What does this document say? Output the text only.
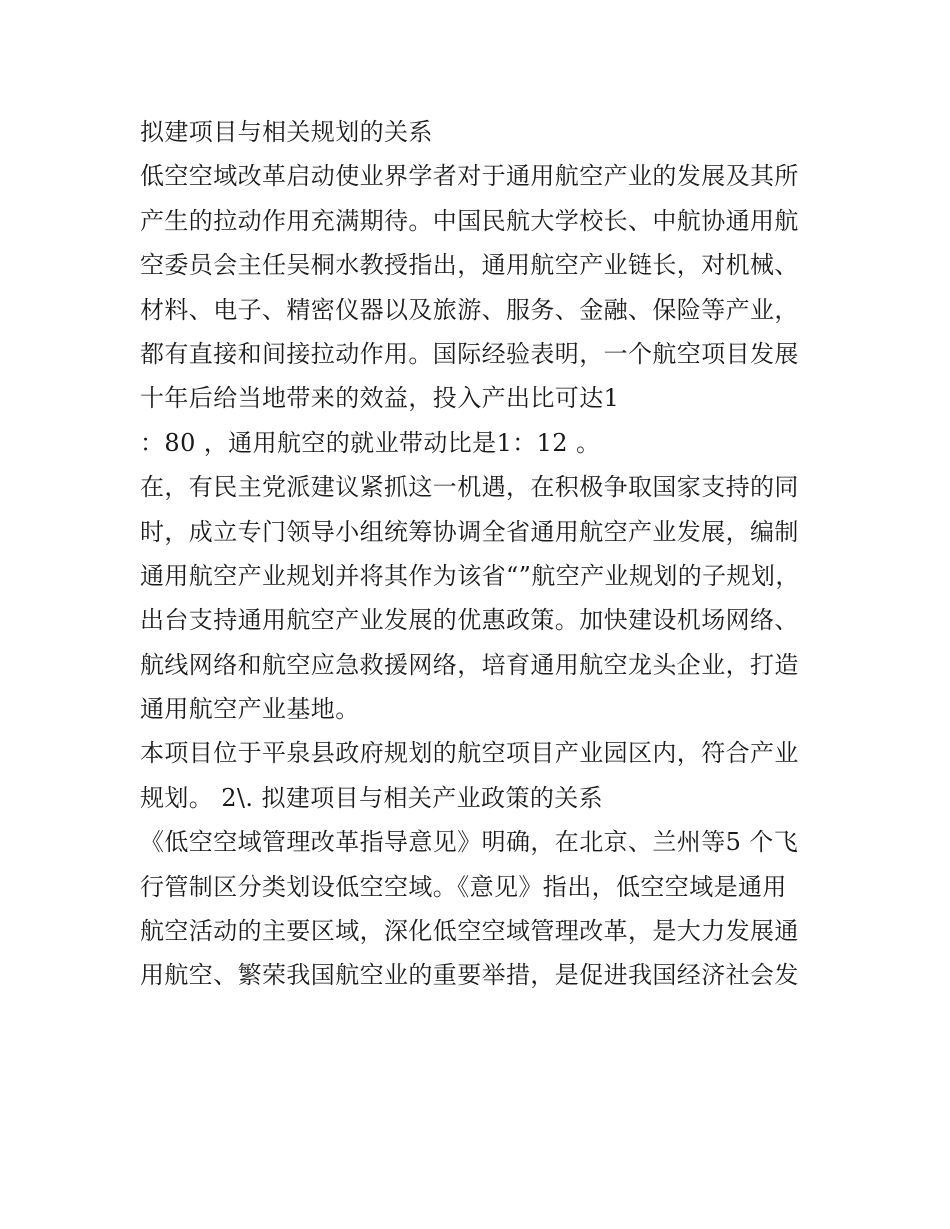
拟建项目与相关规划的关系
低空空域改革启动使业界学者对于通用航空产业的发展及其所
产生的拉动作用充满期待。中国民航大学校长、中航协通用航
空委员会主任吴桐水教授指出，通用航空产业链长，对机械、
材料、电子、精密仪器以及旅游、服务、金融、保险等产业，
都有直接和间接拉动作用。国际经验表明，一个航空项目发展
十年后给当地带来的效益，投入产出比可达1
：80 ，通用航空的就业带动比是1：12 。
在，有民主党派建议紧抓这一机遇，在积极争取国家支持的同
时，成立专门领导小组统筹协调全省通用航空产业发展，编制
通用航空产业规划并将其作为该省“”航空产业规划的子规划，
出台支持通用航空产业发展的优惠政策。加快建设机场网络、
航线网络和航空应急救援网络，培育通用航空龙头企业，打造
通用航空产业基地。
本项目位于平泉县政府规划的航空项目产业园区内，符合产业
规划。 2\. 拟建项目与相关产业政策的关系
《低空空域管理改革指导意见》明确，在北京、兰州等5 个飞
行管制区分类划设低空空域。《意见》指出，低空空域是通用
航空活动的主要区域，深化低空空域管理改革，是大力发展通
用航空、繁荣我国航空业的重要举措，是促进我国经济社会发
